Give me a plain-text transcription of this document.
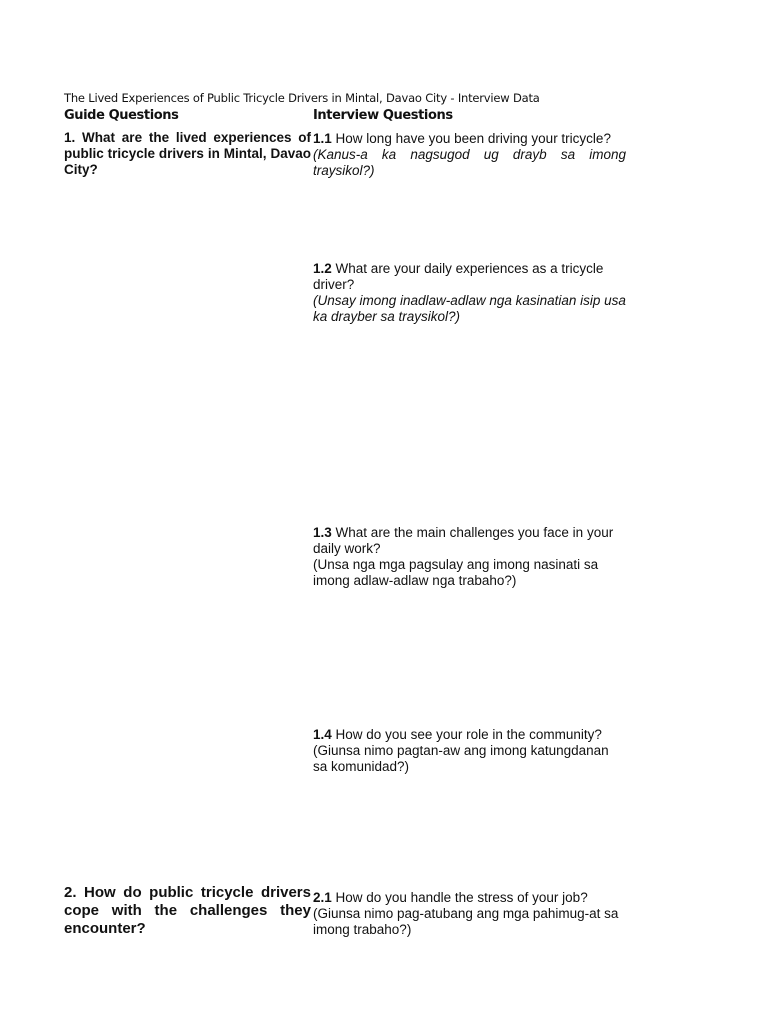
The Lived Experiences of Public Tricycle Drivers in Mintal, Davao City - Interview Data
Guide Questions	Interview Questions
1. What are the lived experiences of public tricycle drivers in Mintal, Davao City?
1.1 How long have you been driving your tricycle?
(Kanus-a ka nagsugod ug drayb sa imong traysikol?)
1.2 What are your daily experiences as a tricycle driver?
(Unsay imong inadlaw-adlaw nga kasinatian isip usa ka drayber sa traysikol?)
1.3 What are the main challenges you face in your daily work?
(Unsa nga mga pagsulay ang imong nasinati sa imong adlaw-adlaw nga trabaho?)
1.4 How do you see your role in the community?
(Giunsa nimo pagtan-aw ang imong katungdanan sa komunidad?)
2. How do public tricycle drivers cope with the challenges they encounter?
2.1 How do you handle the stress of your job?
(Giunsa nimo pag-atubang ang mga pahimug-at sa imong trabaho?)
